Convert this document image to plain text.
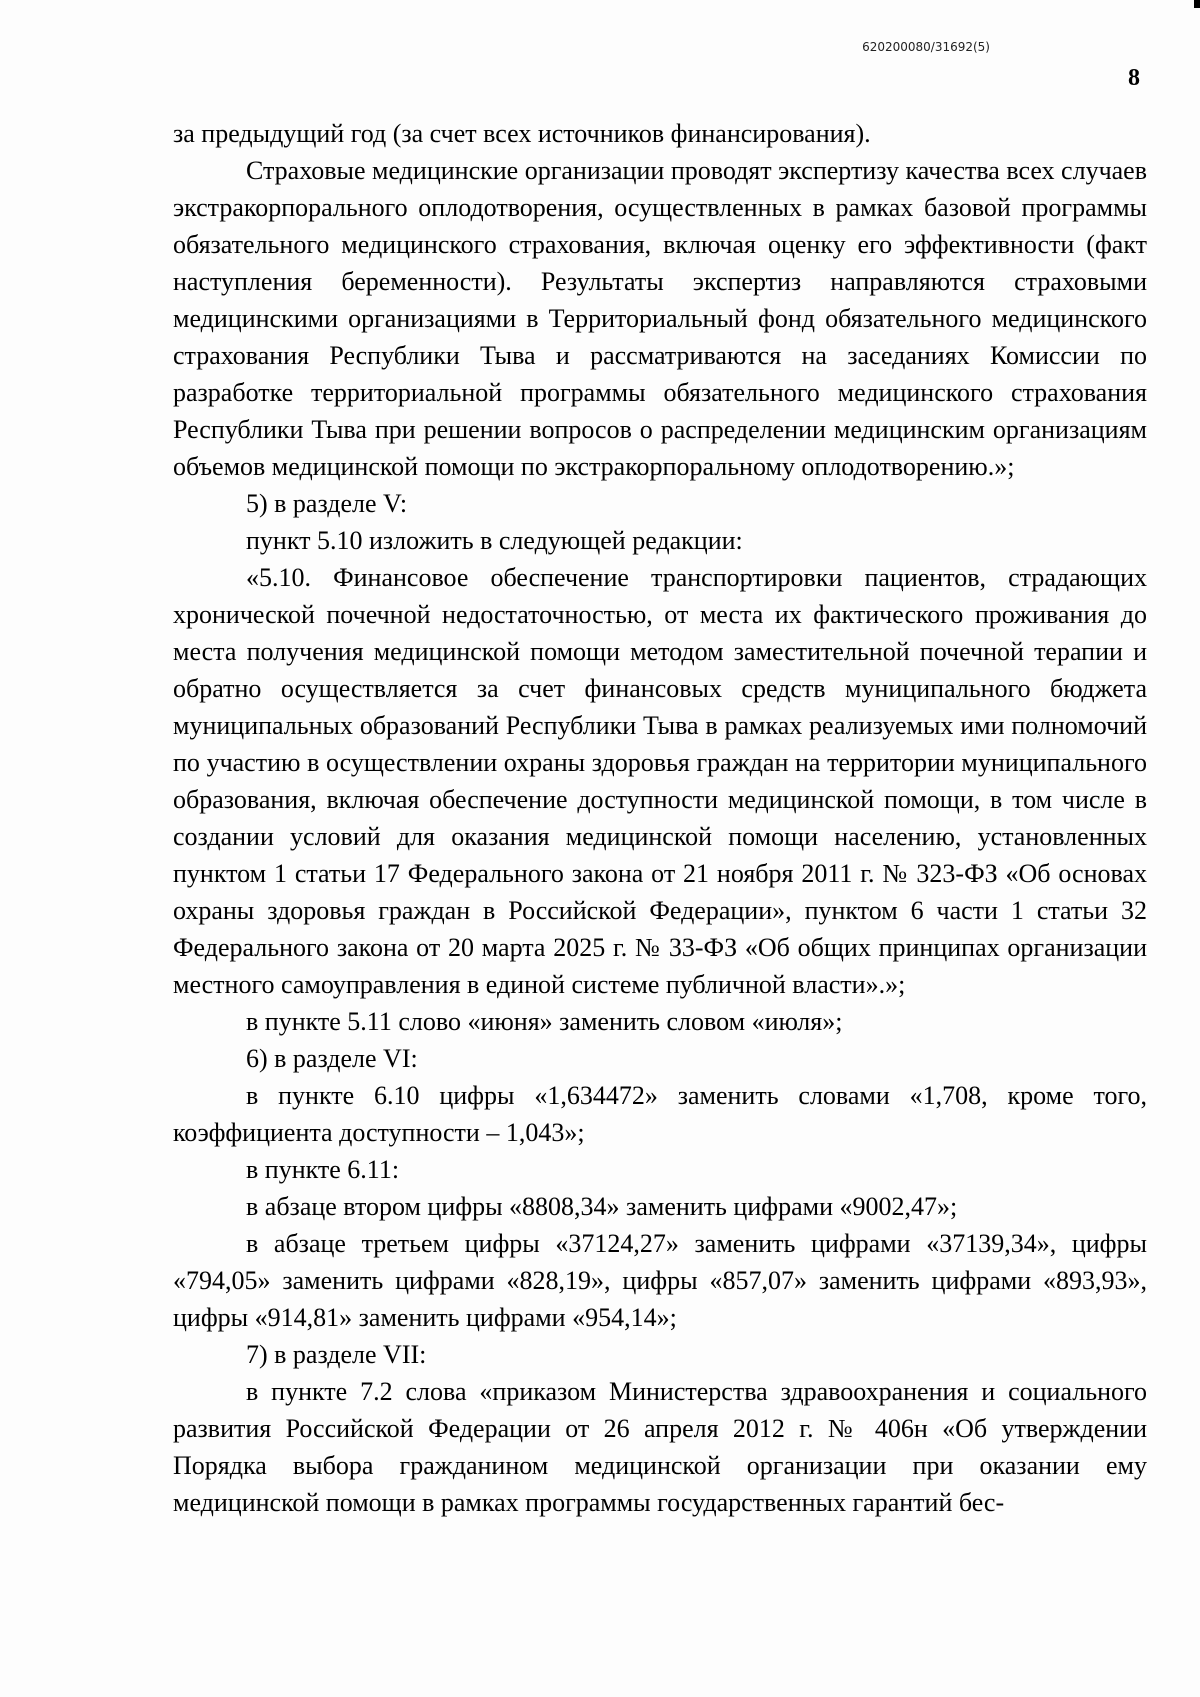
620200080/31692(5)
8

за предыдущий год (за счет всех источников финансирования).

Страховые медицинские организации проводят экспертизу качества всех случаев экстракорпорального оплодотворения, осуществленных в рамках базовой программы обязательного медицинского страхования, включая оценку его эффективности (факт наступления беременности). Результаты экспертиз направляются страховыми медицинскими организациями в Территориальный фонд обязательного медицинского страхования Республики Тыва и рассматриваются на заседаниях Комиссии по разработке территориальной программы обязательного медицинского страхования Республики Тыва при решении вопросов о распределении медицинским организациям объемов медицинской помощи по экстракорпоральному оплодотворению.»;

5) в разделе V:

пункт 5.10 изложить в следующей редакции:

«5.10. Финансовое обеспечение транспортировки пациентов, страдающих хронической почечной недостаточностью, от места их фактического проживания до места получения медицинской помощи методом заместительной почечной терапии и обратно осуществляется за счет финансовых средств муниципального бюджета муниципальных образований Республики Тыва в рамках реализуемых ими полномочий по участию в осуществлении охраны здоровья граждан на территории муниципального образования, включая обеспечение доступности медицинской помощи, в том числе в создании условий для оказания медицинской помощи населению, установленных пунктом 1 статьи 17 Федерального закона от 21 ноября 2011 г. № 323-ФЗ «Об основах охраны здоровья граждан в Российской Федерации», пунктом 6 части 1 статьи 32 Федерального закона от 20 марта 2025 г. № 33-ФЗ «Об общих принципах организации местного самоуправления в единой системе публичной власти».»;

в пункте 5.11 слово «июня» заменить словом «июля»;

6) в разделе VI:

в пункте 6.10 цифры «1,634472» заменить словами «1,708, кроме того, коэффициента доступности – 1,043»;

в пункте 6.11:

в абзаце втором цифры «8808,34» заменить цифрами «9002,47»;

в абзаце третьем цифры «37124,27» заменить цифрами «37139,34», цифры «794,05» заменить цифрами «828,19», цифры «857,07» заменить цифрами «893,93», цифры «914,81» заменить цифрами «954,14»;

7) в разделе VII:

в пункте 7.2 слова «приказом Министерства здравоохранения и социального развития Российской Федерации от 26 апреля 2012 г. № 406н «Об утверждении Порядка выбора гражданином медицинской организации при оказании ему медицинской помощи в рамках программы государственных гарантий бес-
